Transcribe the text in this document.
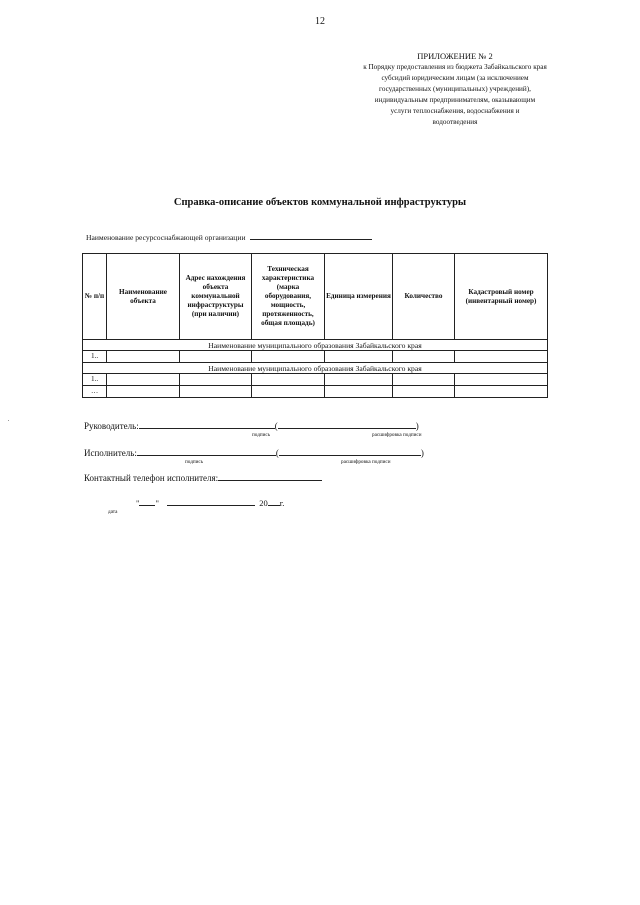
12
ПРИЛОЖЕНИЕ № 2
к Порядку предоставления из бюджета Забайкальского края
субсидий юридическим лицам (за исключением
государственных (муниципальных) учреждений),
индивидуальным предпринимателям, оказывающим
услуги теплоснабжения, водоснабжения и
водоотведения
Справка-описание объектов коммунальной инфраструктуры
Наименование ресурсоснабжающей организации
№ п/п	Наименование объекта	Адрес нахождения объекта коммунальной инфраструктуры (при наличии)	Техническая характеристика (марка оборудования, мощность, протяженность, общая площадь)	Единица измерения	Количество	Кадастровый номер (инвентарный номер)
Наименование муниципального образования Забайкальского края						
1..						
Наименование муниципального образования Забайкальского края						
1..						
…						
Руководитель:	(	)
подпись	расшифровка подписи
Исполнитель:	(	)
подпись	расшифровка подписи
Контактный телефон исполнителя:
" "	20 г.
дата
